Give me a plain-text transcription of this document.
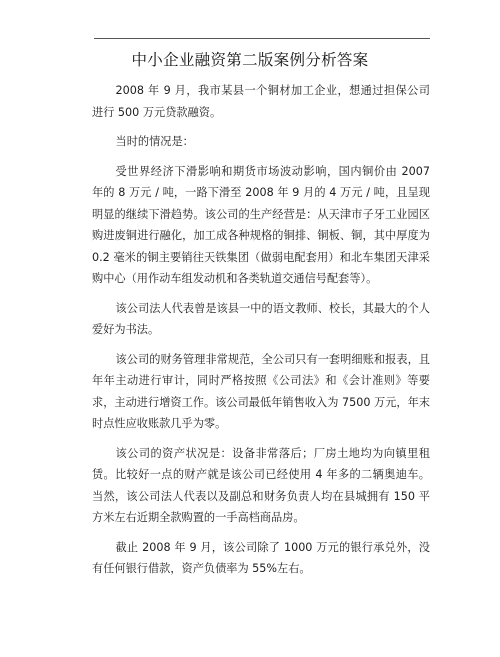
中小企业融资第二版案例分析答案

2008 年 9 月，我市某县一个铜材加工企业，想通过担保公司进行 500 万元贷款融资。

当时的情况是：

受世界经济下滑影响和期货市场波动影响，国内铜价由 2007 年的 8 万元 / 吨，一路下滑至 2008 年 9 月的 4 万元 / 吨，且呈现明显的继续下滑趋势。该公司的生产经营是：从天津市子牙工业园区购进废铜进行融化，加工成各种规格的铜排、铜板、铜，其中厚度为 0.2 毫米的铜主要销往天铁集团（做弱电配套用）和北车集团天津采购中心（用作动车组发动机和各类轨道交通信号配套等）。

该公司法人代表曾是该县一中的语文教师、校长，其最大的个人爱好为书法。

该公司的财务管理非常规范，全公司只有一套明细账和报表，且年年主动进行审计，同时严格按照《公司法》和《会计准则》等要求，主动进行增资工作。该公司最低年销售收入为 7500 万元，年末时点性应收账款几乎为零。

该公司的资产状况是：设备非常落后；厂房土地均为向镇里租赁。比较好一点的财产就是该公司已经使用 4 年多的二辆奥迪车。当然，该公司法人代表以及副总和财务负责人均在县城拥有 150 平方米左右近期全款购置的一手高档商品房。

截止 2008 年 9 月，该公司除了 1000 万元的银行承兑外，没有任何银行借款，资产负债率为 55%左右。
